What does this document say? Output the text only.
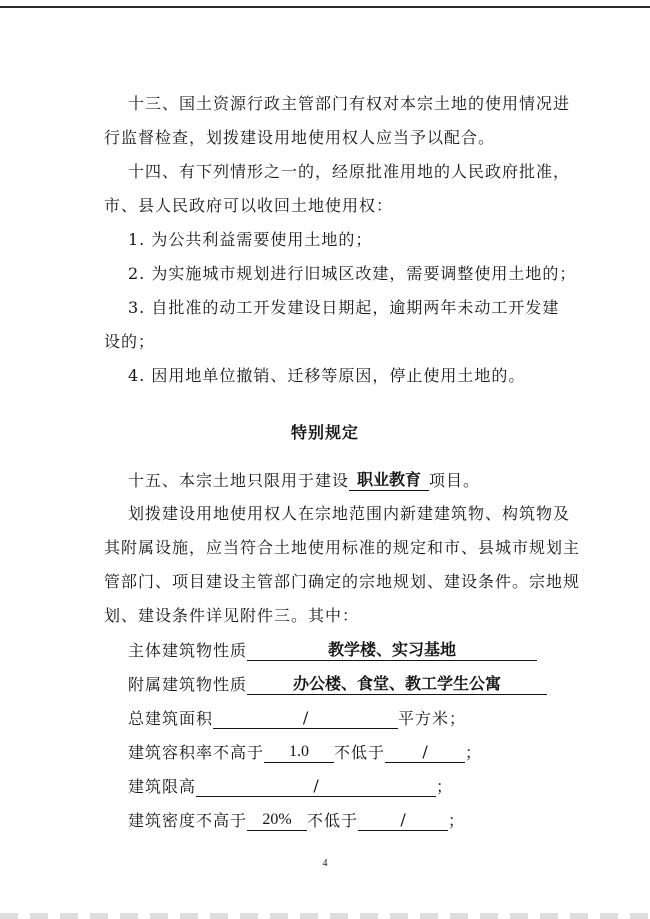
十三、国土资源行政主管部门有权对本宗土地的使用情况进
行监督检查，划拨建设用地使用权人应当予以配合。
十四、有下列情形之一的，经原批准用地的人民政府批准，
市、县人民政府可以收回土地使用权：
1. 为公共利益需要使用土地的；
2. 为实施城市规划进行旧城区改建，需要调整使用土地的；
3. 自批准的动工开发建设日期起，逾期两年未动工开发建
设的；
4. 因用地单位撤销、迁移等原因，停止使用土地的。
特别规定
十五、本宗土地只限用于建设 职业教育 项目。
划拨建设用地使用权人在宗地范围内新建建筑物、构筑物及
其附属设施，应当符合土地使用标准的规定和市、县城市规划主
管部门、项目建设主管部门确定的宗地规划、建设条件。宗地规
划、建设条件详见附件三。其中：
主体建筑物性质	教学楼、实习基地
附属建筑物性质	办公楼、食堂、教工学生公寓
总建筑面积	/	平方米；
建筑容积率不高于 1.0 不低于 / ；
建筑限高	/	；
建筑密度不高于 20% 不低于	/	；
4
